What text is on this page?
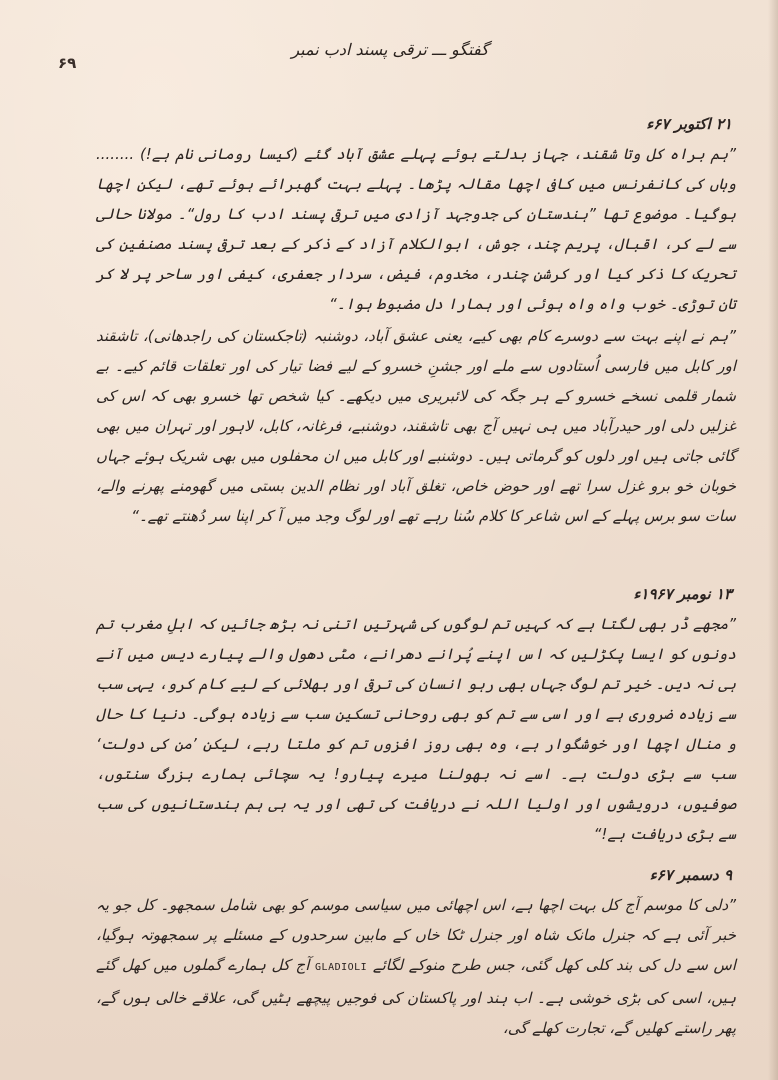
۶۹
گفتگو ـــ ترقی پسند ادب نمبر
۲۱ اکتوبر ۶۷ء

”ہم براہ کل وتا شقند، جہاز بدلتے ہوئے پہلے عشق آباد گئے (کیسا رومانی نام ہے!) ........ وہاں کی کانفرنس میں کافی اچھا مقالہ پڑھا۔ پہلے بہت گھبرائے ہوئے تھے، لیکن اچھا ہوگیا۔ موضوع تھا ”ہندستان کی جدوجہد آزادی میں ترقی پسند ادب کا رول“۔ مولانا حالی سے لے کر، اقبال، پریم چند، جوش، ابوالکلام آزاد کے ذکر کے بعد ترقی پسند مصنفین کی تحریک کا ذکر کیا اور کرشن چندر، مخدوم، فیض، سردار جعفری، کیفی اور ساحر پر لا کر تان توڑی۔ خوب واہ واہ ہوئی اور ہمارا دل مضبوط ہوا۔“

”ہم نے اپنے بہت سے دوسرے کام بھی کیے، یعنی عشق آباد، دوشنبہ (تاجکستان کی راجدھانی)، تاشقند اور کابل میں فارسی اُستادوں سے ملے اور جشنِ خسرو کے لیے فضا تیار کی اور تعلقات قائم کیے۔ بے شمار قلمی نسخے خسرو کے ہر جگہ کی لائبریری میں دیکھے۔ کیا شخص تھا خسرو بھی کہ اس کی غزلیں دلی اور حیدرآباد میں ہی نہیں آج بھی تاشقند، دوشنبے، فرغانہ، کابل، لاہور اور تہران میں بھی گائی جاتی ہیں اور دلوں کو گرماتی ہیں۔ دوشنبے اور کابل میں ان محفلوں میں بھی شریک ہوئے جہاں خوبان خو برو غزل سرا تھے اور حوض خاص، تغلق آباد اور نظام الدین بستی میں گھومنے پھرنے والے، سات سو برس پہلے کے اس شاعر کا کلام سُنا رہے تھے اور لوگ وجد میں آ کر اپنا سر دُھنتے تھے۔“

۱۳ نومبر ۱۹۶۷ء

”مجھے ڈر بھی لگتا ہے کہ کہیں تم لوگوں کی شہرتیں اتنی نہ بڑھ جائیں کہ اہلِ مغرب تم دونوں کو ایسا پکڑلیں کہ اس اپنے پُرانے دھرانے، مٹی دھول والے پیارے دیس میں آنے ہی نہ دیں۔ خیر تم لوگ جہاں بھی رہو انسان کی ترقی اور بھلائی کے لیے کام کرو، یہی سب سے زیادہ ضروری ہے اور اسی سے تم کو بھی روحانی تسکین سب سے زیادہ ہوگی۔ دنیا کا حال و منال اچھا اور خوشگوار ہے، وہ بھی روز افزوں تم کو ملتا رہے، لیکن ’من کی دولت‘ سب سے بڑی دولت ہے۔ اسے نہ بھولنا میرے پیارو! یہ سچائی ہمارے بزرگ سنتوں، صوفیوں، درویشوں اور اولیا اللہ نے دریافت کی تھی اور یہ ہی ہم ہندستانیوں کی سب سے بڑی دریافت ہے!“

۹ دسمبر ۶۷ء

”دلی کا موسم آج کل بہت اچھا ہے، اس اچھائی میں سیاسی موسم کو بھی شامل سمجھو۔ کل جو یہ خبر آئی ہے کہ جنرل مانک شاہ اور جنرل ٹکا خاں کے مابین سرحدوں کے مسئلے پر سمجھوتہ ہوگیا، اس سے دل کی بند کلی کھل گئی، جس طرح منوکے لگائے GLADIOLI آج کل ہمارے گملوں میں کھل گئے ہیں، اسی کی بڑی خوشی ہے۔ اب ہند اور پاکستان کی فوجیں پیچھے ہٹیں گی، علاقے خالی ہوں گے، پھر راستے کھلیں گے، تجارت کھلے گی،
